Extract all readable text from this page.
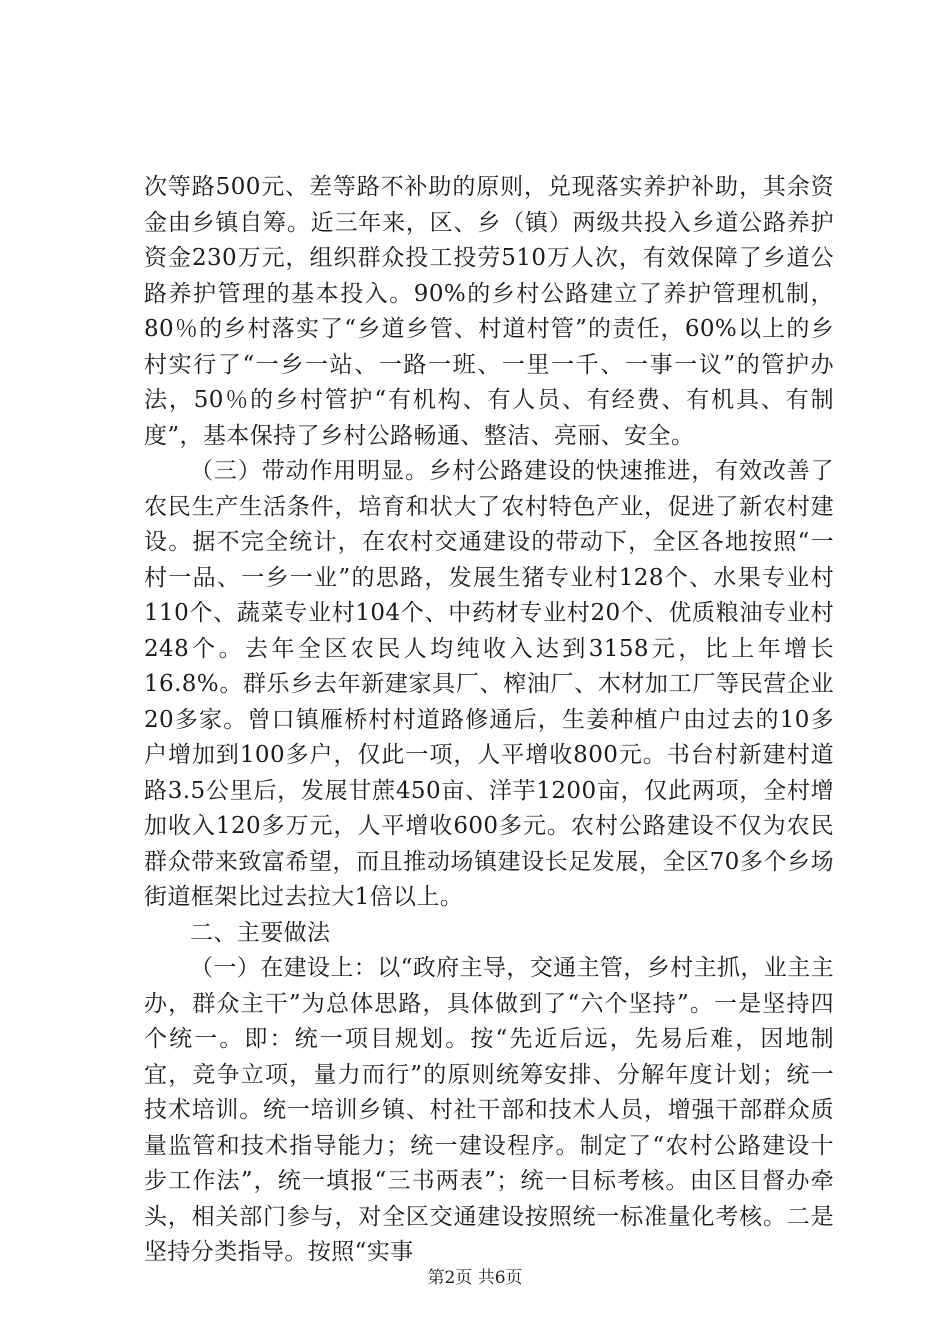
次等路500元、差等路不补助的原则，兑现落实养护补助，其余资金由乡镇自筹。近三年来，区、乡（镇）两级共投入乡道公路养护资金230万元，组织群众投工投劳510万人次，有效保障了乡道公路养护管理的基本投入。90%的乡村公路建立了养护管理机制，80％的乡村落实了“乡道乡管、村道村管”的责任，60%以上的乡村实行了“一乡一站、一路一班、一里一千、一事一议”的管护办法，50％的乡村管护“有机构、有人员、有经费、有机具、有制度”，基本保持了乡村公路畅通、整洁、亮丽、安全。

（三）带动作用明显。乡村公路建设的快速推进，有效改善了农民生产生活条件，培育和状大了农村特色产业，促进了新农村建设。据不完全统计，在农村交通建设的带动下，全区各地按照“一村一品、一乡一业”的思路，发展生猪专业村128个、水果专业村110个、蔬菜专业村104个、中药材专业村20个、优质粮油专业村248个。去年全区农民人均纯收入达到3158元，比上年增长16.8%。群乐乡去年新建家具厂、榨油厂、木材加工厂等民营企业20多家。曾口镇雁桥村村道路修通后，生姜种植户由过去的10多户增加到100多户，仅此一项，人平增收800元。书台村新建村道路3.5公里后，发展甘蔗450亩、洋芋1200亩，仅此两项，全村增加收入120多万元，人平增收600多元。农村公路建设不仅为农民群众带来致富希望，而且推动场镇建设长足发展，全区70多个乡场街道框架比过去拉大1倍以上。

二、主要做法

（一）在建设上：以“政府主导，交通主管，乡村主抓，业主主办，群众主干”为总体思路，具体做到了“六个坚持”。一是坚持四个统一。即：统一项目规划。按“先近后远，先易后难，因地制宜，竞争立项，量力而行”的原则统筹安排、分解年度计划；统一技术培训。统一培训乡镇、村社干部和技术人员，增强干部群众质量监管和技术指导能力；统一建设程序。制定了“农村公路建设十步工作法”，统一填报“三书两表”；统一目标考核。由区目督办牵头，相关部门参与，对全区交通建设按照统一标准量化考核。二是坚持分类指导。按照“实事

第2页 共6页
